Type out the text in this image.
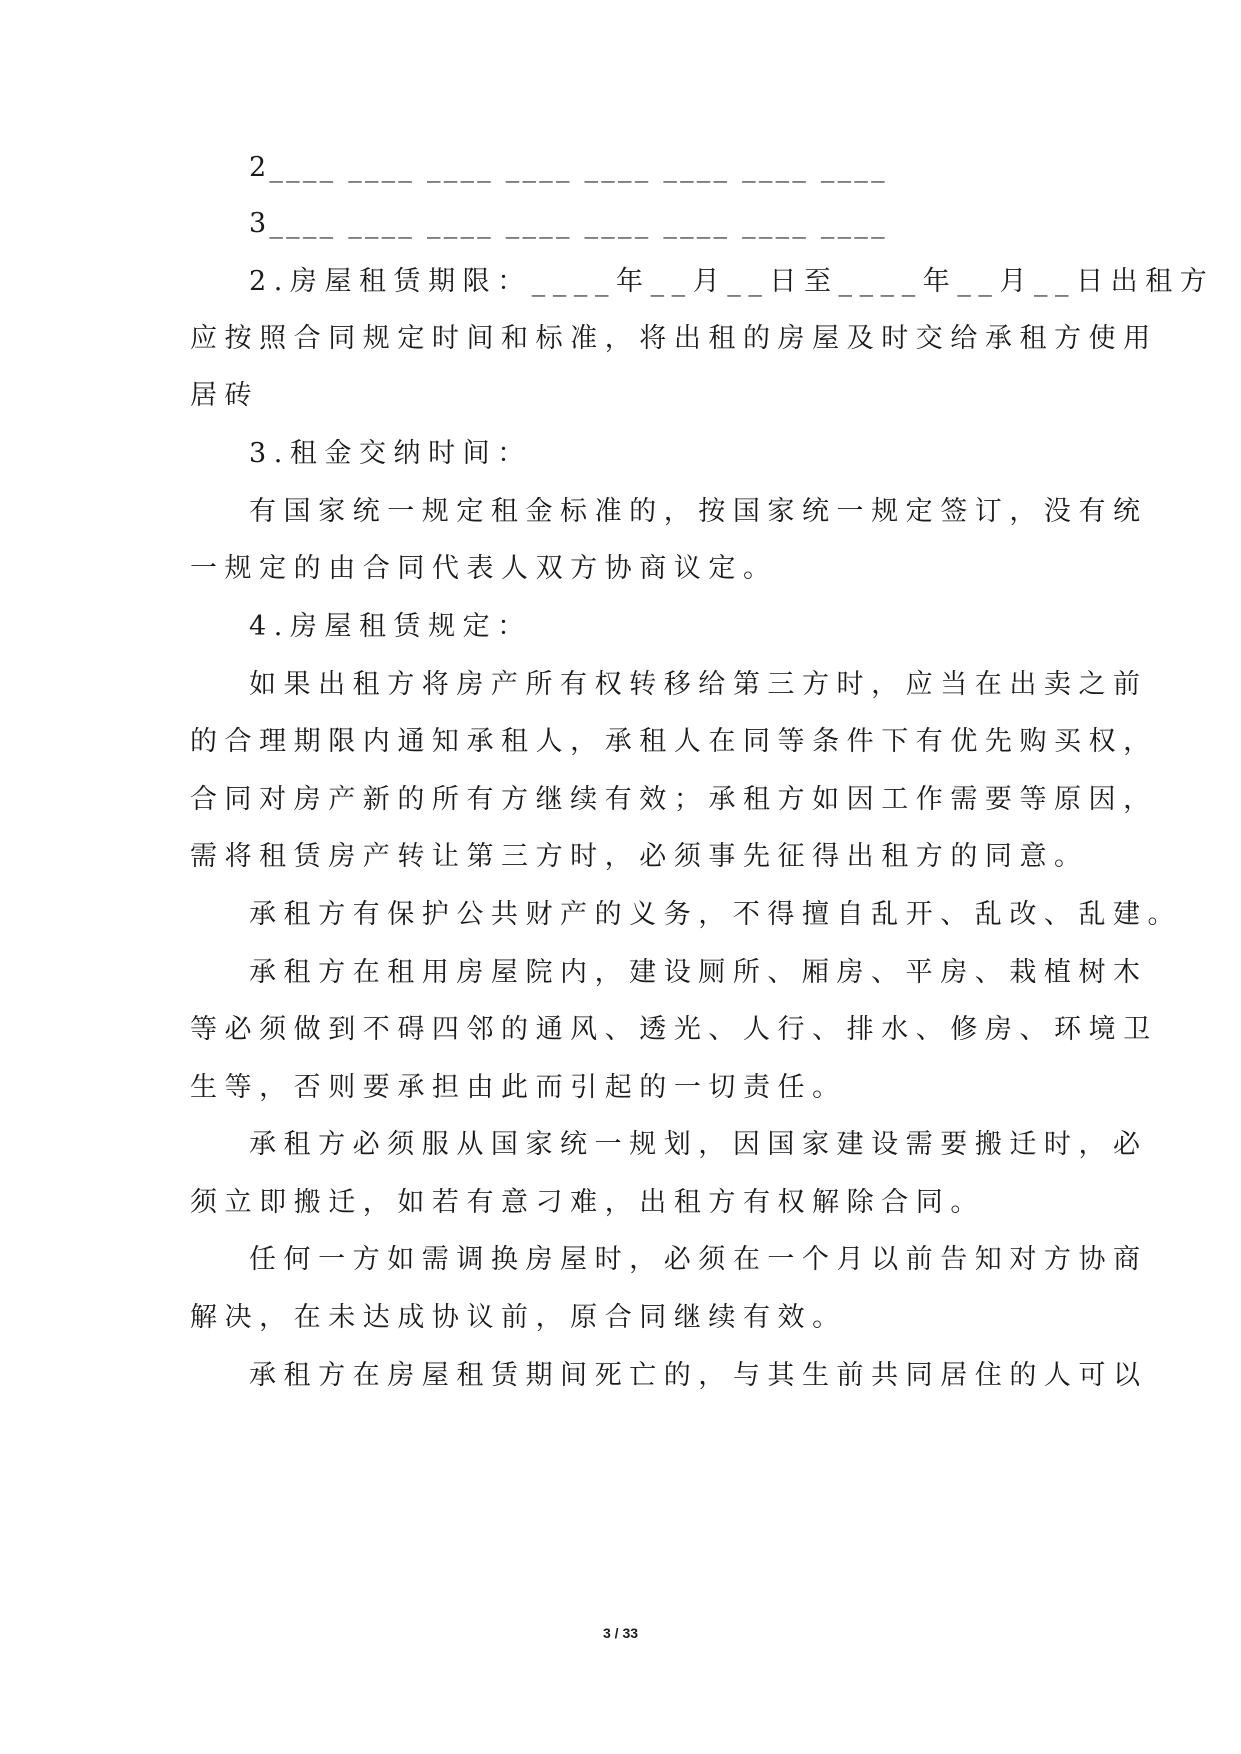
2____ ____ ____ ____ ____ ____ ____ ____
3____ ____ ____ ____ ____ ____ ____ ____
2.房屋租赁期限：____年__月__日至____年__月__日出租方
应按照合同规定时间和标准，将出租的房屋及时交给承租方使用
居砖
3.租金交纳时间：
有国家统一规定租金标准的，按国家统一规定签订，没有统
一规定的由合同代表人双方协商议定。
4.房屋租赁规定：
如果出租方将房产所有权转移给第三方时，应当在出卖之前
的合理期限内通知承租人，承租人在同等条件下有优先购买权，
合同对房产新的所有方继续有效；承租方如因工作需要等原因，
需将租赁房产转让第三方时，必须事先征得出租方的同意。
承租方有保护公共财产的义务，不得擅自乱开、乱改、乱建。
承租方在租用房屋院内，建设厕所、厢房、平房、栽植树木
等必须做到不碍四邻的通风、透光、人行、排水、修房、环境卫
生等，否则要承担由此而引起的一切责任。
承租方必须服从国家统一规划，因国家建设需要搬迁时，必
须立即搬迁，如若有意刁难，出租方有权解除合同。
任何一方如需调换房屋时，必须在一个月以前告知对方协商
解决，在未达成协议前，原合同继续有效。
承租方在房屋租赁期间死亡的，与其生前共同居住的人可以
3 / 33
